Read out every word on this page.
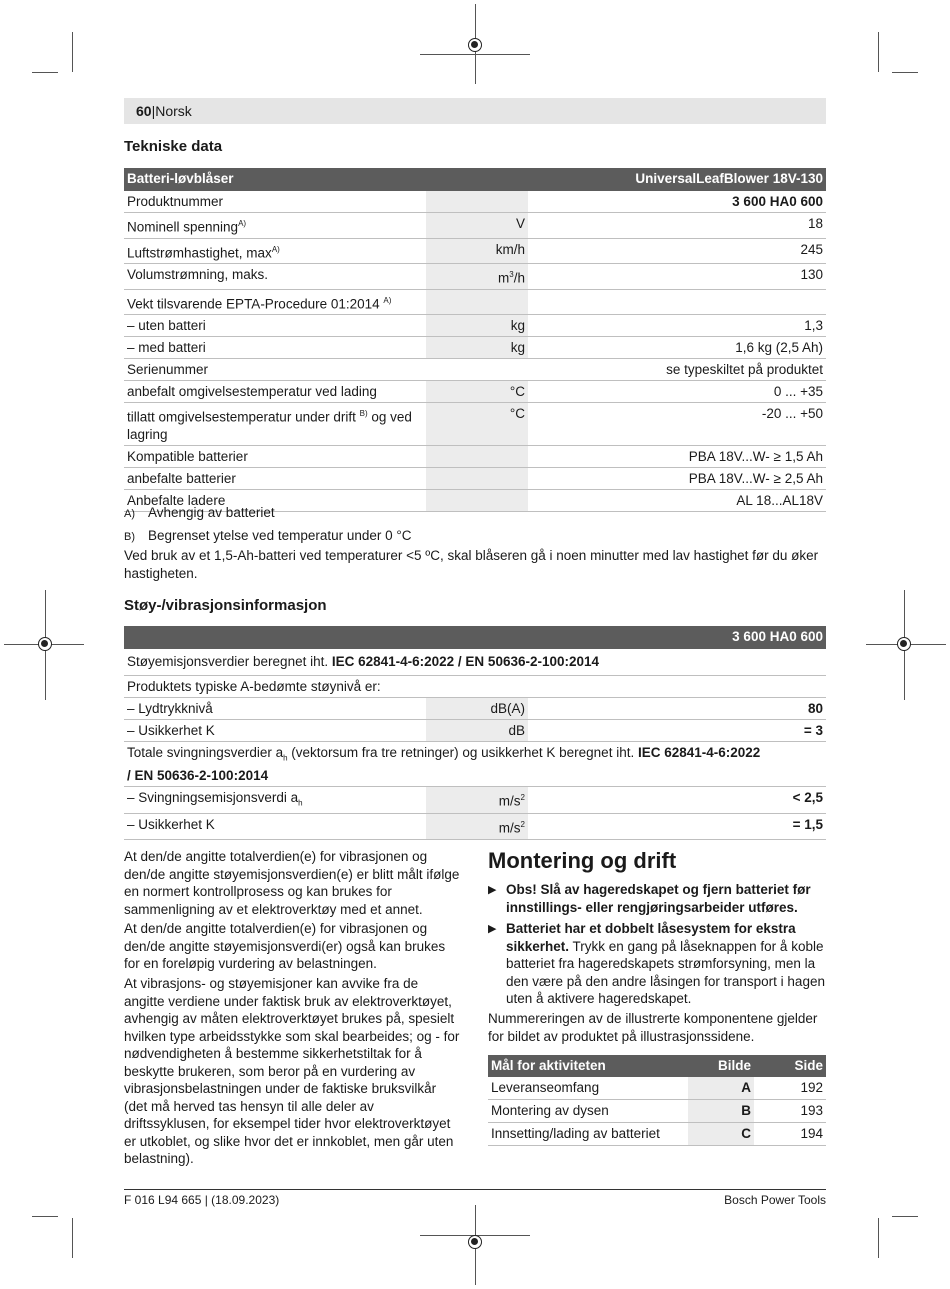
60|Norsk
Tekniske data
Batteri-løvblåser		UniversalLeafBlower 18V-130
Produktnummer		3 600 HA0 600
Nominell spenning$^{A)}$	V	18
Luftstrømhastighet, $\max^{A)}$	km/h	245
Volumstrømning, maks.	$m^3/h$	130
Vekt tilsvarende EPTA-Procedure 01:2014 $^{A)}$		
– uten batteri	kg	1,3
– med batteri	kg	1,6 kg (2,5 Ah)
Serienummer		se typeskiltet på produktet
anbefalt omgivelsestemperatur ved lading	°C	0 ... +35
tillatt omgivelsestemperatur under drift $^{B)}$ og ved lagring	°C	-20 ... +50
Kompatible batterier		PBA 18V...W- ≥ 1,5 Ah
anbefalte batterier		PBA 18V...W- ≥ 2,5 Ah
Anbefalte ladere		AL 18...AL18V
A) Avhengig av batteriet
B) Begrenset ytelse ved temperatur under 0 °C

Ved bruk av et 1,5-Ah-batteri ved temperaturer <5 ºC, skal blåseren gå i noen minutter med lav hastighet før du øker hastigheten.

Støy-/vibrasjonsinformasjon
		3 600 HA0 600
Støyemisjonsverdier beregnet iht. IEC 62841-4-6:2022 / EN 50636-2-100:2014		
Produktets typiske A-bedømte støynivå er:		
– Lydtrykknivå	dB(A)	80
– Usikkerhet K	dB	= 3
Totale svingningsverdier $a_h$ (vektorsum fra tre retninger) og usikkerhet K beregnet iht. IEC 62841-4-6:2022 / EN 50636-2-100:2014		
– Svingningsemisjonsverdi $a_h$	$m/s^2$	< 2,5
– Usikkerhet K	$m/s^2$	= 1,5

At den/de angitte totalverdien(e) for vibrasjonen og den/de angitte støyemisjonsverdien(e) er blitt målt ifølge en normert kontrollprosess og kan brukes for sammenligning av et elektroverktøy med et annet.

At den/de angitte totalverdien(e) for vibrasjonen og den/de angitte støyemisjonsverdi(er) også kan brukes for en foreløpig vurdering av belastningen.

At vibrasjons- og støyemisjoner kan avvike fra de angitte verdiene under faktisk bruk av elektroverktøyet, avhengig av måten elektroverktøyet brukes på, spesielt hvilken type arbeidsstykke som skal bearbeides; og - for nødvendigheten å bestemme sikkerhetstiltak for å beskytte brukeren, som beror på en vurdering av vibrasjonsbelastningen under de faktiske bruksvilkår (det må herved tas hensyn til alle deler av driftssyklusen, for eksempel tider hvor elektroverktøyet er utkoblet, og slike hvor det er innkoblet, men går uten belastning).

Montering og drift
▶ Obs! Slå av hageredskapet og fjern batteriet før innstillings- eller rengjøringsarbeider utføres.
▶ Batteriet har et dobbelt låsesystem for ekstra sikkerhet. Trykk en gang på låseknappen for å koble batteriet fra hageredskapets strømforsyning, men la den være på den andre låsingen for transport i hagen uten å aktivere hageredskapet.

Nummereringen av de illustrerte komponentene gjelder for bildet av produktet på illustrasjonssidene.

Mål for aktiviteten	Bilde	Side
Leveranseomfang	A	192
Montering av dysen	B	193
Innsetting/lading av batteriet	C	194
F 016 L94 665 | (18.09.2023)	Bosch Power Tools
